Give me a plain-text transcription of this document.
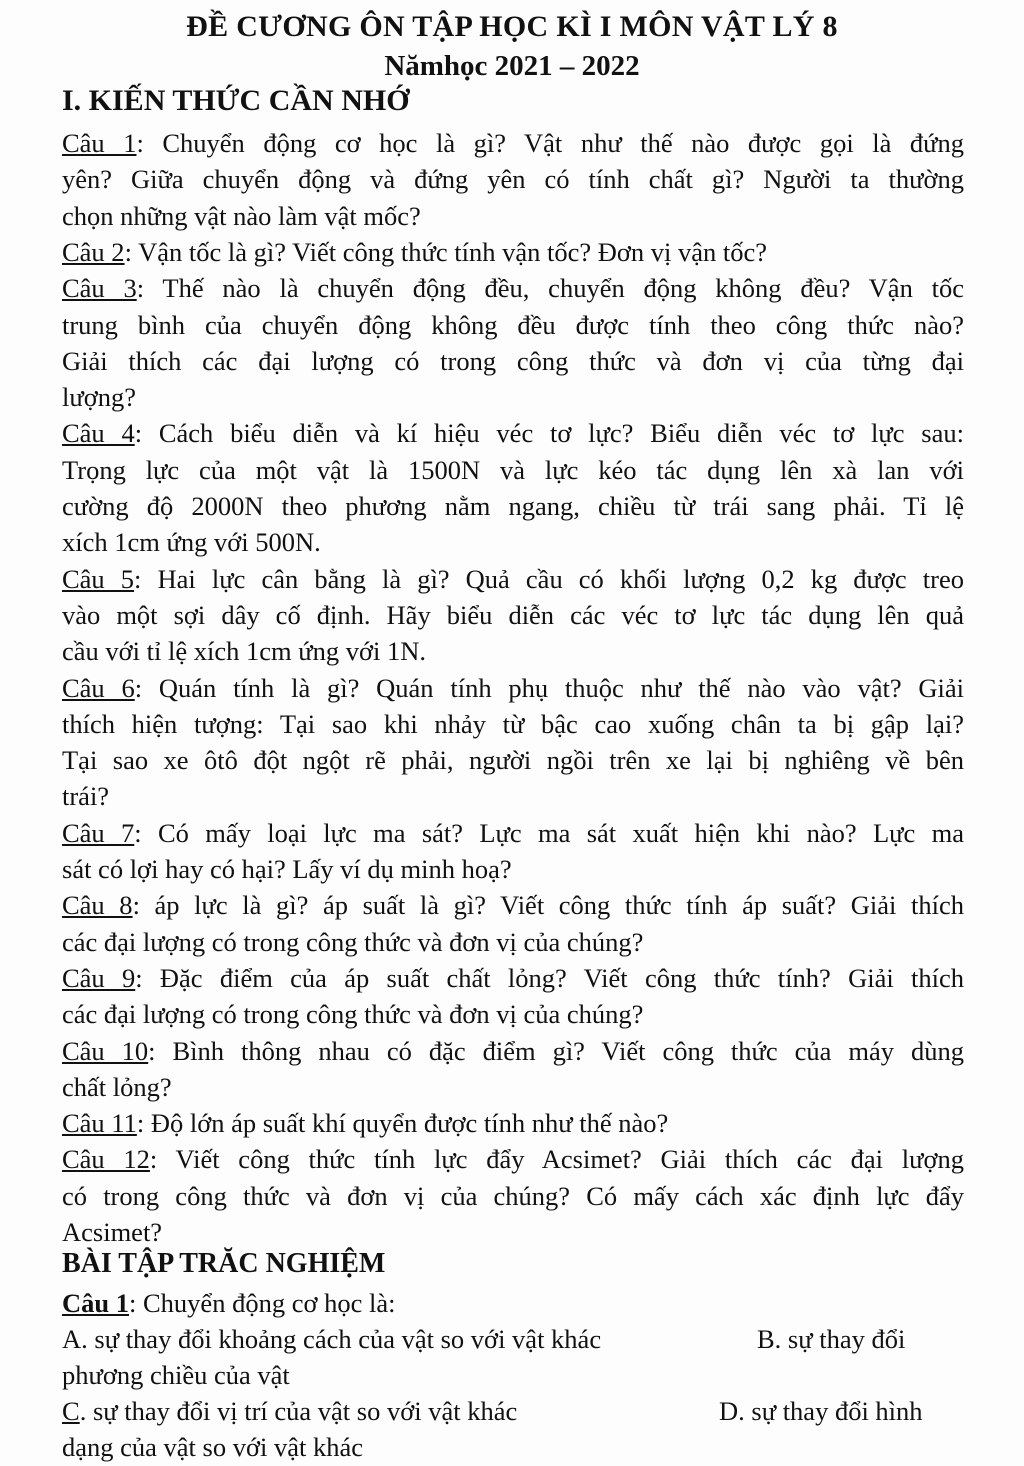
ĐỀ CƯƠNG ÔN TẬP HỌC KÌ I MÔN VẬT LÝ 8
Nămhọc 2021 – 2022
I. KIẾN THỨC CẦN NHỚ
Câu 1: Chuyển động cơ học là gì? Vật như thế nào được gọi là đứng
yên? Giữa chuyển động và đứng yên có tính chất gì? Người ta thường
chọn những vật nào làm vật mốc?
Câu 2: Vận tốc là gì? Viết công thức tính vận tốc? Đơn vị vận tốc?
Câu 3: Thế nào là chuyển động đều, chuyển động không đều? Vận tốc
trung bình của chuyển động không đều được tính theo công thức nào?
Giải thích các đại lượng có trong công thức và đơn vị của từng đại
lượng?
Câu 4: Cách biểu diễn và kí hiệu véc tơ lực? Biểu diễn véc tơ lực sau:
Trọng lực của một vật là 1500N và lực kéo tác dụng lên xà lan với
cường độ 2000N theo phương nằm ngang, chiều từ trái sang phải. Tỉ lệ
xích 1cm ứng với 500N.
Câu 5: Hai lực cân bằng là gì? Quả cầu có khối lượng 0,2 kg được treo
vào một sợi dây cố định. Hãy biểu diễn các véc tơ lực tác dụng lên quả
cầu với tỉ lệ xích 1cm ứng với 1N.
Câu 6: Quán tính là gì? Quán tính phụ thuộc như thế nào vào vật? Giải
thích hiện tượng: Tại sao khi nhảy từ bậc cao xuống chân ta bị gập lại?
Tại sao xe ôtô đột ngột rẽ phải, người ngồi trên xe lại bị nghiêng về bên
trái?
Câu 7: Có mấy loại lực ma sát? Lực ma sát xuất hiện khi nào? Lực ma
sát có lợi hay có hại? Lấy ví dụ minh hoạ?
Câu 8: áp lực là gì? áp suất là gì? Viết công thức tính áp suất? Giải thích
các đại lượng có trong công thức và đơn vị của chúng?
Câu 9: Đặc điểm của áp suất chất lỏng? Viết công thức tính? Giải thích
các đại lượng có trong công thức và đơn vị của chúng?
Câu 10: Bình thông nhau có đặc điểm gì? Viết công thức của máy dùng
chất lỏng?
Câu 11: Độ lớn áp suất khí quyển được tính như thế nào?
Câu 12: Viết công thức tính lực đẩy Acsimet? Giải thích các đại lượng
có trong công thức và đơn vị của chúng? Có mấy cách xác định lực đẩy
Acsimet?
BÀI TẬP TRĂC NGHIỆM
Câu 1: Chuyển động cơ học là:
A. sự thay đổi khoảng cách của vật so với vật khác	B. sự thay đổi
phương chiều của vật
C. sự thay đổi vị trí của vật so với vật khác	D. sự thay đổi hình
dạng của vật so với vật khác
